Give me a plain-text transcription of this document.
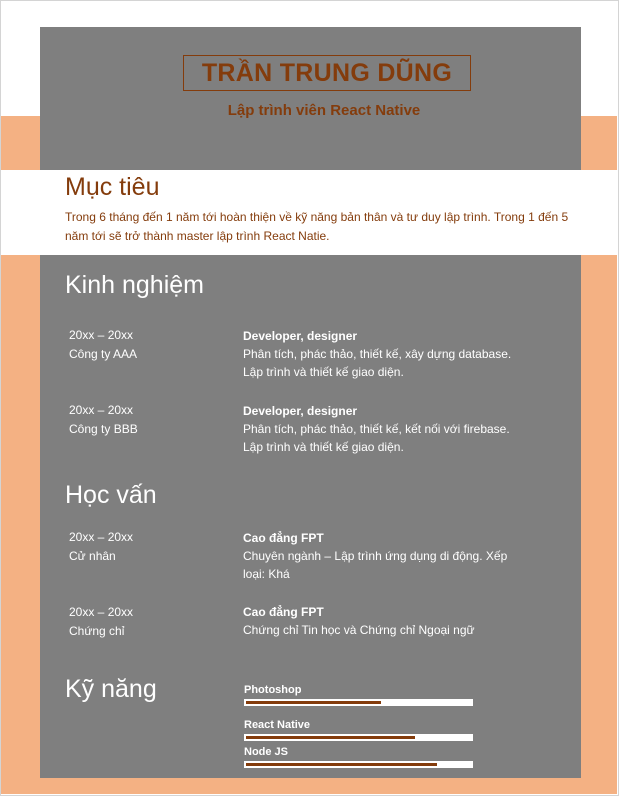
TRẦN TRUNG DŨNG
Lập trình viên React Native
Mục tiêu
Trong 6 tháng đến 1 năm tới hoàn thiện về kỹ năng bản thân và tư duy lập trình. Trong 1 đến 5 năm tới sẽ trở thành master lập trình React Natie.
Kinh nghiệm
20xx – 20xx
Công ty AAA
Developer, designer
Phân tích, phác thảo, thiết kế, xây dựng database.
Lập trình và thiết kế giao diện.
20xx – 20xx
Công ty BBB
Developer, designer
Phân tích, phác thảo, thiết kế, kết nối với firebase.
Lập trình và thiết kế giao diện.
Học vấn
20xx – 20xx
Cử nhân
Cao đẳng FPT
Chuyên ngành – Lập trình ứng dụng di động. Xếp loại: Khá
20xx – 20xx
Chứng chỉ
Cao đẳng FPT
Chứng chỉ Tin học và Chứng chỉ Ngoại ngữ
Kỹ năng	Photoshop
React Native
Node JS
